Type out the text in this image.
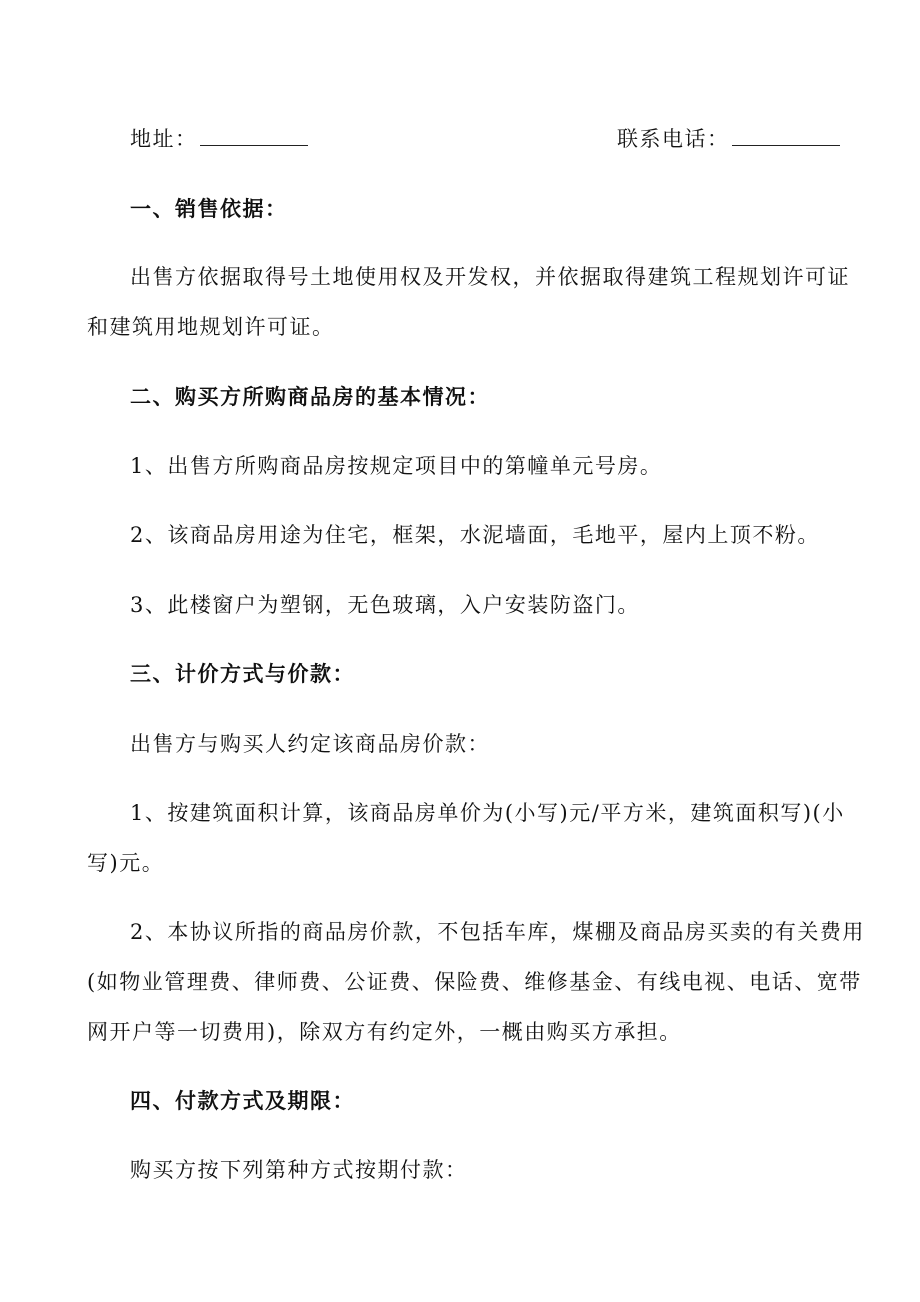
地址：	联系电话：
一、销售依据：
出售方依据取得号土地使用权及开发权，并依据取得建筑工程规划许可证
和建筑用地规划许可证。
二、购买方所购商品房的基本情况：
1、出售方所购商品房按规定项目中的第幢单元号房。
2、该商品房用途为住宅，框架，水泥墙面，毛地平，屋内上顶不粉。
3、此楼窗户为塑钢，无色玻璃，入户安装防盗门。
三、计价方式与价款：
出售方与购买人约定该商品房价款：
1、按建筑面积计算，该商品房单价为(小写)元/平方米，建筑面积写)(小
写)元。
2、本协议所指的商品房价款，不包括车库，煤棚及商品房买卖的有关费用
(如物业管理费、律师费、公证费、保险费、维修基金、有线电视、电话、宽带
网开户等一切费用)，除双方有约定外，一概由购买方承担。
四、付款方式及期限：
购买方按下列第种方式按期付款：
